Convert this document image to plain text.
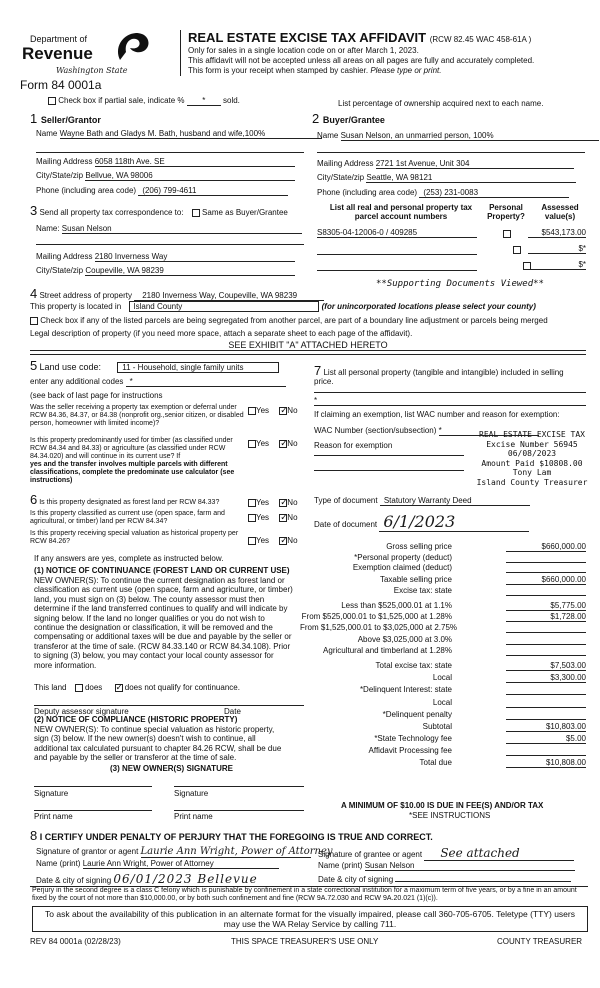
Department of
Revenue
Washington State
Form 84 0001a
REAL ESTATE EXCISE TAX AFFIDAVIT (RCW 82.45 WAC 458-61A )
Only for sales in a single location code on or after March 1, 2023.
This affidavit will not be accepted unless all areas on all pages are fully and accurately completed.
This form is your receipt when stamped by cashier. Please type or print.
Check box if partial sale, indicate % * sold.	List percentage of ownership acquired next to each name.
1 Seller/Grantor
Name Wayne Bath and Gladys M. Bath, husband and wife,100%
Mailing Address 6058 118th Ave. SE
City/State/zip Bellvue, WA 98006
Phone (including area code) (206) 799-4611
2 Buyer/Grantee
Name Susan Nelson, an unmarried person, 100%
Mailing Address 2721 1st Avenue, Unit 304
City/State/zip Seattle, WA 98121
Phone (including area code) (253) 231-0083
3 Send all property tax correspondence to: Same as Buyer/Grantee
Name: Susan Nelson
Mailing Address 2180 Inverness Way
City/State/zip Coupeville, WA 98239
List all real and personal property tax
parcel account numbers
Personal
Property?
Assessed
value(s)
S8305-04-12006-0 / 409285
	$543,173.00

$*
$*
**Supporting Documents Viewed**
4 Street address of property 2180 Inverness Way, Coupeville, WA 98239
This property is located in Island County	(for unincorporated locations please select your county)
Check box if any of the listed parcels are being segregated from another parcel, are part of a boundary line adjustment or parcels being merged
Legal description of property (if you need more space, attach a separate sheet to each page of the affidavit).
SEE EXHIBIT "A" ATTACHED HERETO
5 Land use code:	11 - Household, single family units
enter any additional codes *
(see back of last page for instructions
Was the seller receiving a property tax exemption or deferral under RCW 84.36, 84.37, or 84.38 (nonprofit org.,senior citizen, or disabled person, homeowner with limited income)?
Yes ✓ No
Is this property predominantly used for timber (as classified under RCW 84.34 and 84.33) or agriculture (as classified under RCW 84.34.020) and will continue in its current use? If
yes and the transfer involves multiple parcels with different classifications, complete the predominate use calculator (see instructions)
Yes ✓ No
6 Is this property designated as forest land per RCW 84.33?	Yes ✓ No
Is this property classified as current use (open space, farm and agricultural, or timber) land per RCW 84.34?	Yes ✓ No
Is this property receiving special valuation as historical property per RCW 84.26?	Yes ✓ No
If any answers are yes, complete as instructed below.
(1) NOTICE OF CONTINUANCE (FOREST LAND OR CURRENT USE)
NEW OWNER(S): To continue the current designation as forest land or
classification as current use (open space, farm and agriculture, or timber)
land, you must sign on (3) below. The county assessor must then
determine if the land transferred continues to qualify and will indicate by
signing below. If the land no longer qualifies or you do not wish to
continue the designation or classification, it will be removed and the
compensating or additional taxes will be due and payable by the seller or
transferor at the time of sale. (RCW 84.33.140 or RCW 84.34.108). Prior
to signing (3) below, you may contact your local county assessor for
more information.
This land does ✓	does not qualify for continuance.
Deputy assessor signature	Date
(2) NOTICE OF COMPLIANCE (HISTORIC PROPERTY)
NEW OWNER(S): To continue special valuation as historic property,
sign (3) below. If the new owner(s) doesn't wish to continue, all
additional tax calculated pursuant to chapter 84.26 RCW, shall be due
and payable by the seller or transferor at the time of sale.
(3) NEW OWNER(S) SIGNATURE
Signature	Signature
Print name	Print name
7 List all personal property (tangible and intangible) included in selling
price.
*
If claiming an exemption, list WAC number and reason for exemption:
WAC Number (section/subsection) *
Reason for exemption
REAL ESTATE EXCISE TAX
Excise Number 56945
06/08/2023
Amount Paid $10808.00
Tony Lam
Island County Treasurer
Type of document Statutory Warranty Deed
Date of document 6/1/2023
Gross selling price	$660,000.00
*Personal property (deduct)
Exemption claimed (deduct)
Taxable selling price	$660,000.00
Excise tax: state
Less than $525,000.01 at 1.1%	$5,775.00
From $525,000.01 to $1,525,000 at 1.28%	$1,728.00
From $1,525,000.01 to $3,025,000 at 2.75%
Above $3,025,000 at 3.0%
Agricultural and timberland at 1.28%
Total excise tax: state	$7,503.00
Local	$3,300.00
*Delinquent Interest: state
Local
*Delinquent penalty
Subtotal	$10,803.00
*State Technology fee	$5.00
Affidavit Processing fee
Total due	$10,808.00
A MINIMUM OF $10.00 IS DUE IN FEE(S) AND/OR TAX
*SEE INSTRUCTIONS
8 I CERTIFY UNDER PENALTY OF PERJURY THAT THE FOREGOING IS TRUE AND CORRECT.
Signature of grantor or agent Laurie Ann Wright, Power of Attorney
Name (print) Laurie Ann Wright, Power of Attorney
Date & city of signing 06/01/2023 Bellevue
Signature of grantee or agent See attached
Name (print) Susan Nelson
Date & city of signing
Perjury in the second degree is a class C felony which is punishable by confinement in a state correctional institution for a maximum term of five years, or by a fine in an amount fixed by the court of not more than $10,000.00, or by both such confinement and fine (RCW 9A.72.030 and RCW 9A.20.021 (1)(c)).
To ask about the availability of this publication in an alternate format for the visually impaired, please call 360-705-6705. Teletype (TTY) users may use the WA Relay Service by calling 711.
REV 84 0001a (02/28/23)	THIS SPACE TREASURER'S USE ONLY	COUNTY TREASURER
